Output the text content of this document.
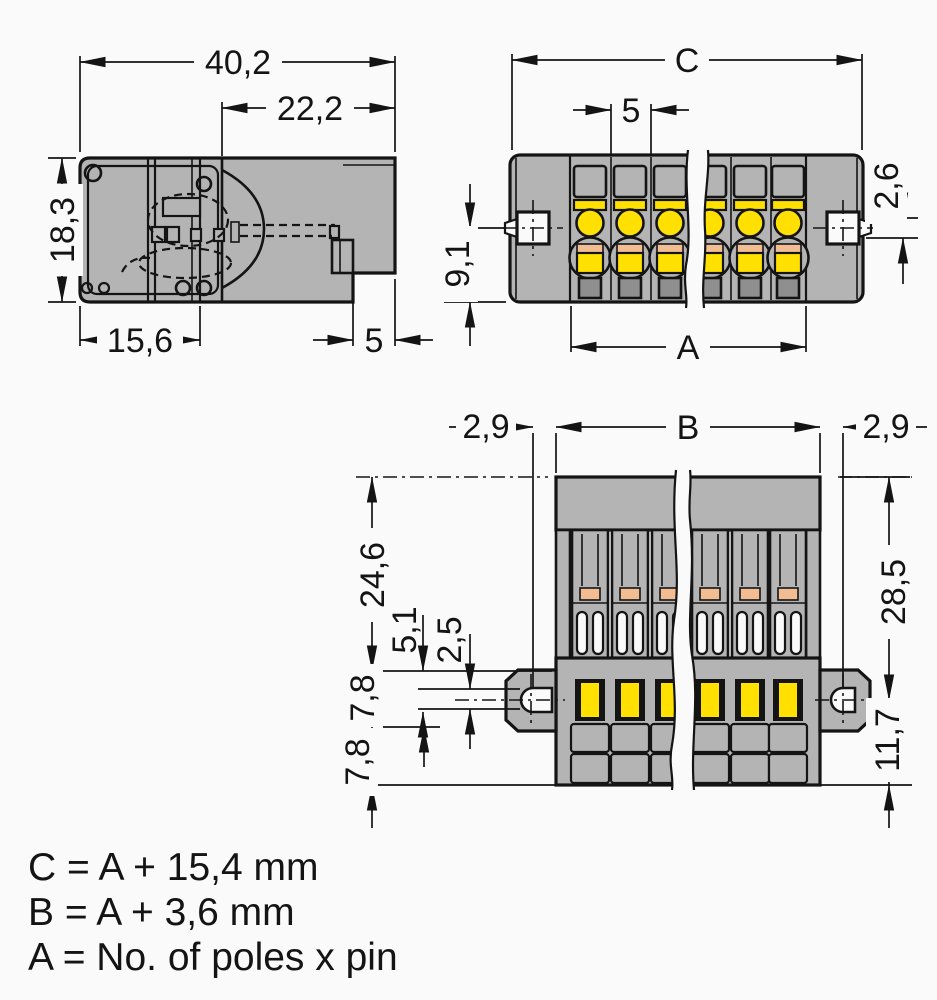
40,2
22,2
18,3
15,6	5
C
5
9,1
2,6
A
2,9	B	2,9
24,6
5,1 2,5
7,8
7,8
28,5
11,7
C = A + 15,4 mm
B = A + 3,6 mm
A = No. of poles x pin
